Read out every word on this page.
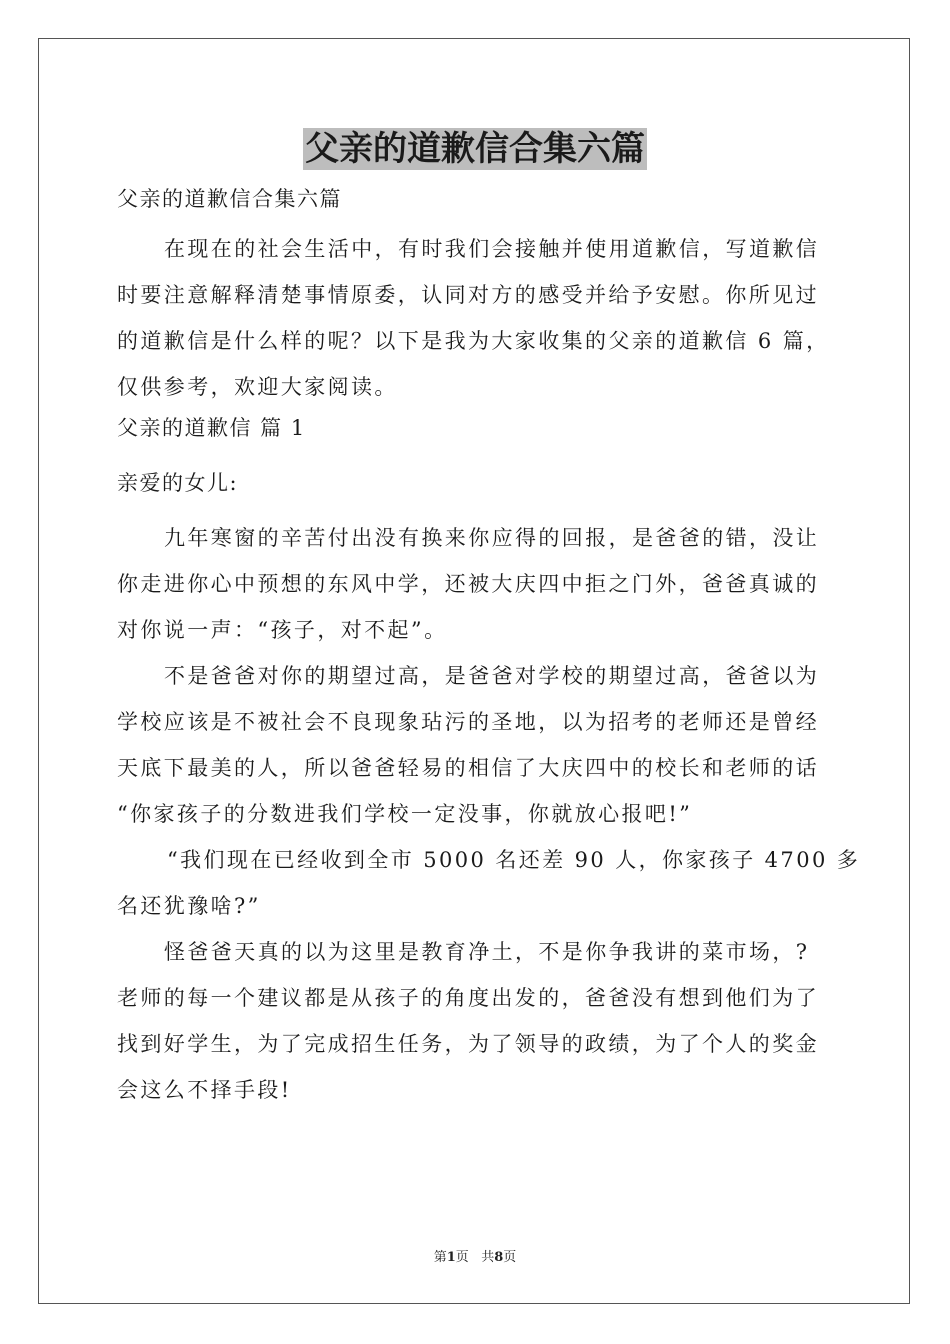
父亲的道歉信合集六篇

父亲的道歉信合集六篇

在现在的社会生活中，有时我们会接触并使用道歉信，写道歉信
时要注意解释清楚事情原委，认同对方的感受并给予安慰。你所见过
的道歉信是什么样的呢？以下是我为大家收集的父亲的道歉信 6 篇，
仅供参考，欢迎大家阅读。

父亲的道歉信 篇 1

亲爱的女儿:

九年寒窗的辛苦付出没有换来你应得的回报，是爸爸的错，没让
你走进你心中预想的东风中学，还被大庆四中拒之门外，爸爸真诚的
对你说一声：“孩子，对不起”。
不是爸爸对你的期望过高，是爸爸对学校的期望过高，爸爸以为
学校应该是不被社会不良现象玷污的圣地，以为招考的老师还是曾经
天底下最美的人，所以爸爸轻易的相信了大庆四中的校长和老师的话
“你家孩子的分数进我们学校一定没事，你就放心报吧!”
“我们现在已经收到全市 5000 名还差 90 人，你家孩子 4700 多
名还犹豫啥?”
怪爸爸天真的以为这里是教育净土，不是你争我讲的菜市场，?
老师的每一个建议都是从孩子的角度出发的，爸爸没有想到他们为了
找到好学生，为了完成招生任务，为了领导的政绩，为了个人的奖金
会这么不择手段!
第1页 共8页
